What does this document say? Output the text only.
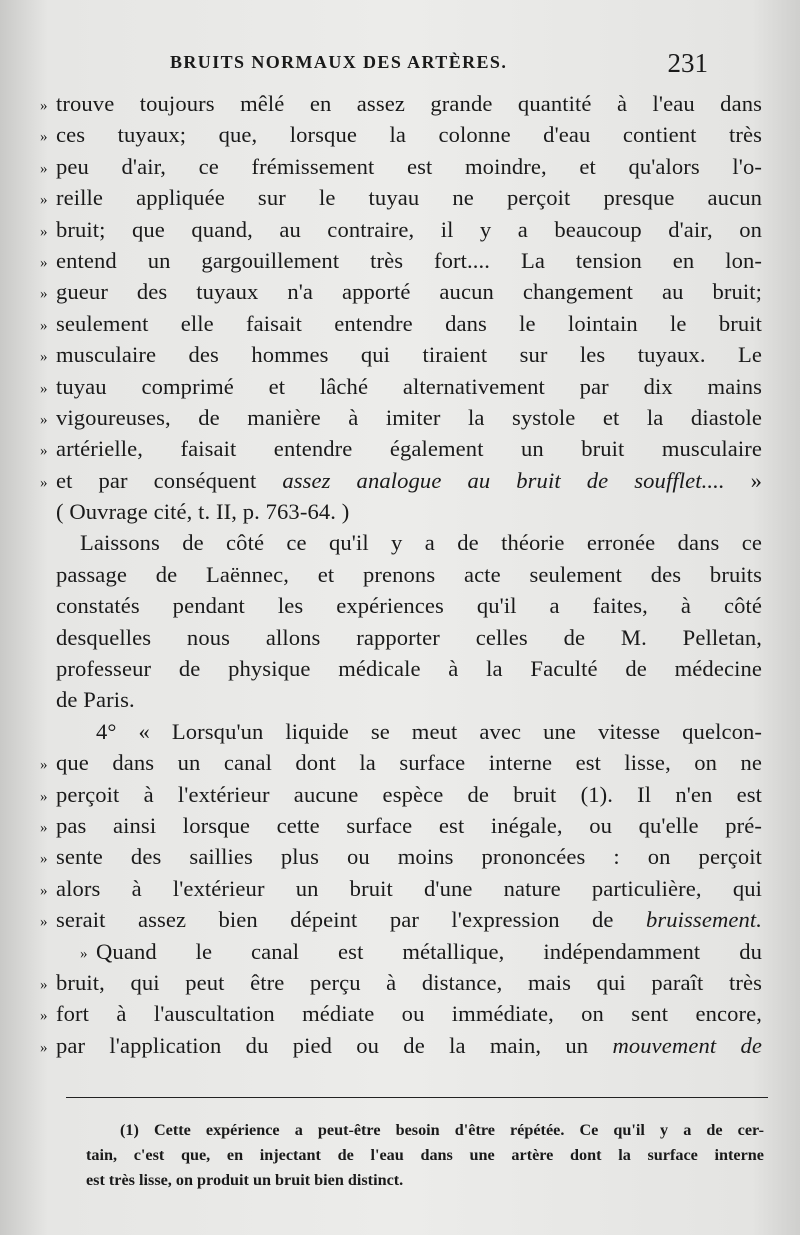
BRUITS NORMAUX DES ARTÈRES.	231
» trouve toujours mêlé en assez grande quantité à l'eau dans
» ces tuyaux; que, lorsque la colonne d'eau contient très
» peu d'air, ce frémissement est moindre, et qu'alors l'o-
» reille appliquée sur le tuyau ne perçoit presque aucun
» bruit; que quand, au contraire, il y a beaucoup d'air, on
» entend un gargouillement très fort.... La tension en lon-
» gueur des tuyaux n'a apporté aucun changement au bruit;
» seulement elle faisait entendre dans le lointain le bruit
» musculaire des hommes qui tiraient sur les tuyaux. Le
» tuyau comprimé et lâché alternativement par dix mains
» vigoureuses, de manière à imiter la systole et la diastole
» artérielle, faisait entendre également un bruit musculaire
» et par conséquent assez analogue au bruit de soufflet.... »
( Ouvrage cité, t. II, p. 763-64. )
Laissons de côté ce qu'il y a de théorie erronée dans ce
passage de Laënnec, et prenons acte seulement des bruits
constatés pendant les expériences qu'il a faites, à côté
desquelles nous allons rapporter celles de M. Pelletan,
professeur de physique médicale à la Faculté de médecine
de Paris.
4° « Lorsqu'un liquide se meut avec une vitesse quelcon-
» que dans un canal dont la surface interne est lisse, on ne
» perçoit à l'extérieur aucune espèce de bruit (1). Il n'en est
» pas ainsi lorsque cette surface est inégale, ou qu'elle pré-
» sente des saillies plus ou moins prononcées : on perçoit
» alors à l'extérieur un bruit d'une nature particulière, qui
» serait assez bien dépeint par l'expression de bruissement.
» Quand le canal est métallique, indépendamment du
» bruit, qui peut être perçu à distance, mais qui paraît très
» fort à l'auscultation médiate ou immédiate, on sent encore,
» par l'application du pied ou de la main, un mouvement de
(1) Cette expérience a peut-être besoin d'être répétée. Ce qu'il y a de cer-
tain, c'est que, en injectant de l'eau dans une artère dont la surface interne
est très lisse, on produit un bruit bien distinct.
